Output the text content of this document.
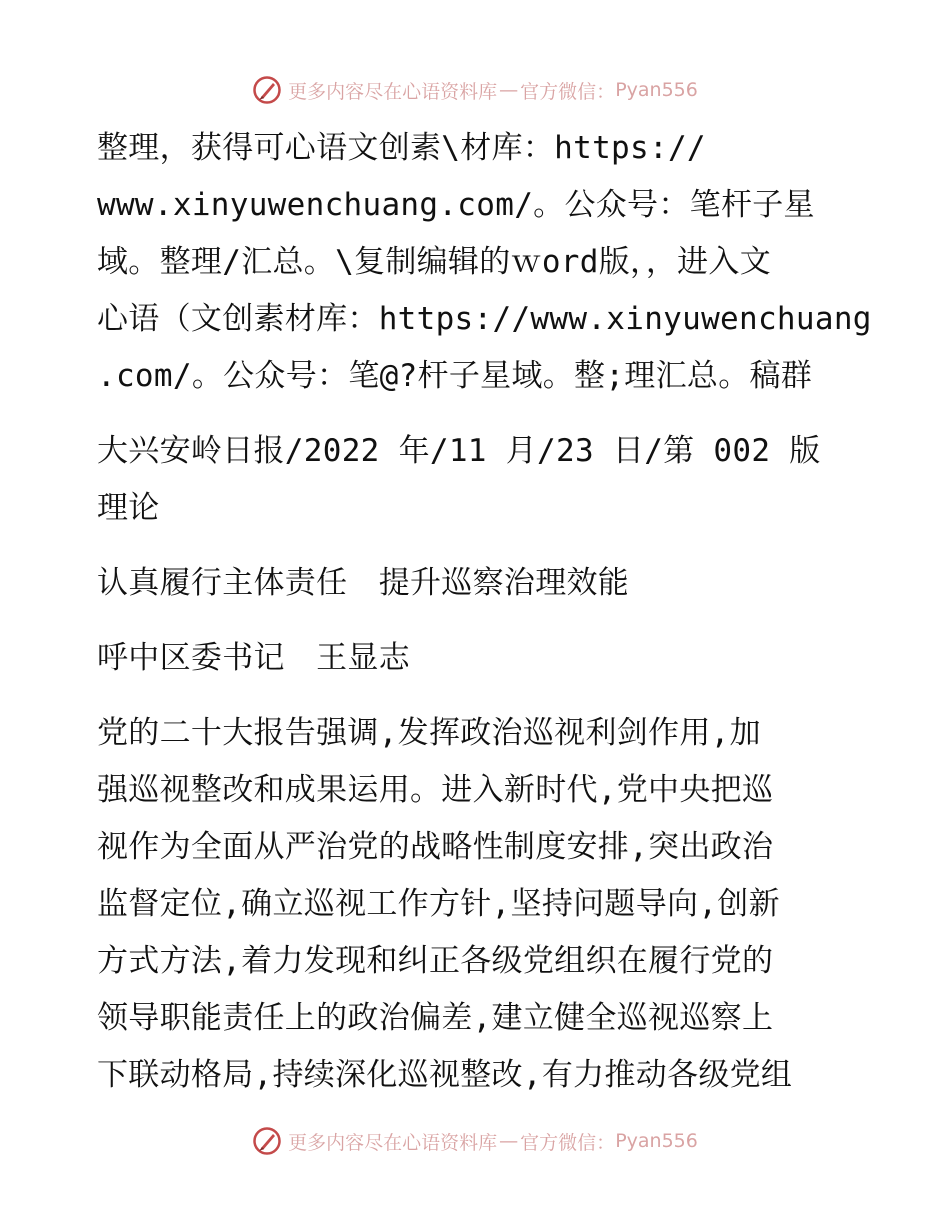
更多内容尽在心语资料库 — 官方微信： Pyan556
整理，获得可心语文创素\材库：https://
www.xinyuwenchuang.com/。公众号：笔杆子星
域。整理/汇总。\复制编辑的ｗord版，，进入文
心语（文创素材库：https://www.xinyuwenchuang
.com/。公众号：笔@?杆子星域。整;理汇总。稿群
大兴安岭日报/2022 年/11 月/23 日/第 002 版
理论
认真履行主体责任　提升巡察治理效能
呼中区委书记　王显志
党的二十大报告强调,发挥政治巡视利剑作用,加
强巡视整改和成果运用。进入新时代,党中央把巡
视作为全面从严治党的战略性制度安排,突出政治
监督定位,确立巡视工作方针,坚持问题导向,创新
方式方法,着力发现和纠正各级党组织在履行党的
领导职能责任上的政治偏差,建立健全巡视巡察上
下联动格局,持续深化巡视整改,有力推动各级党组
更多内容尽在心语资料库 — 官方微信： Pyan556
